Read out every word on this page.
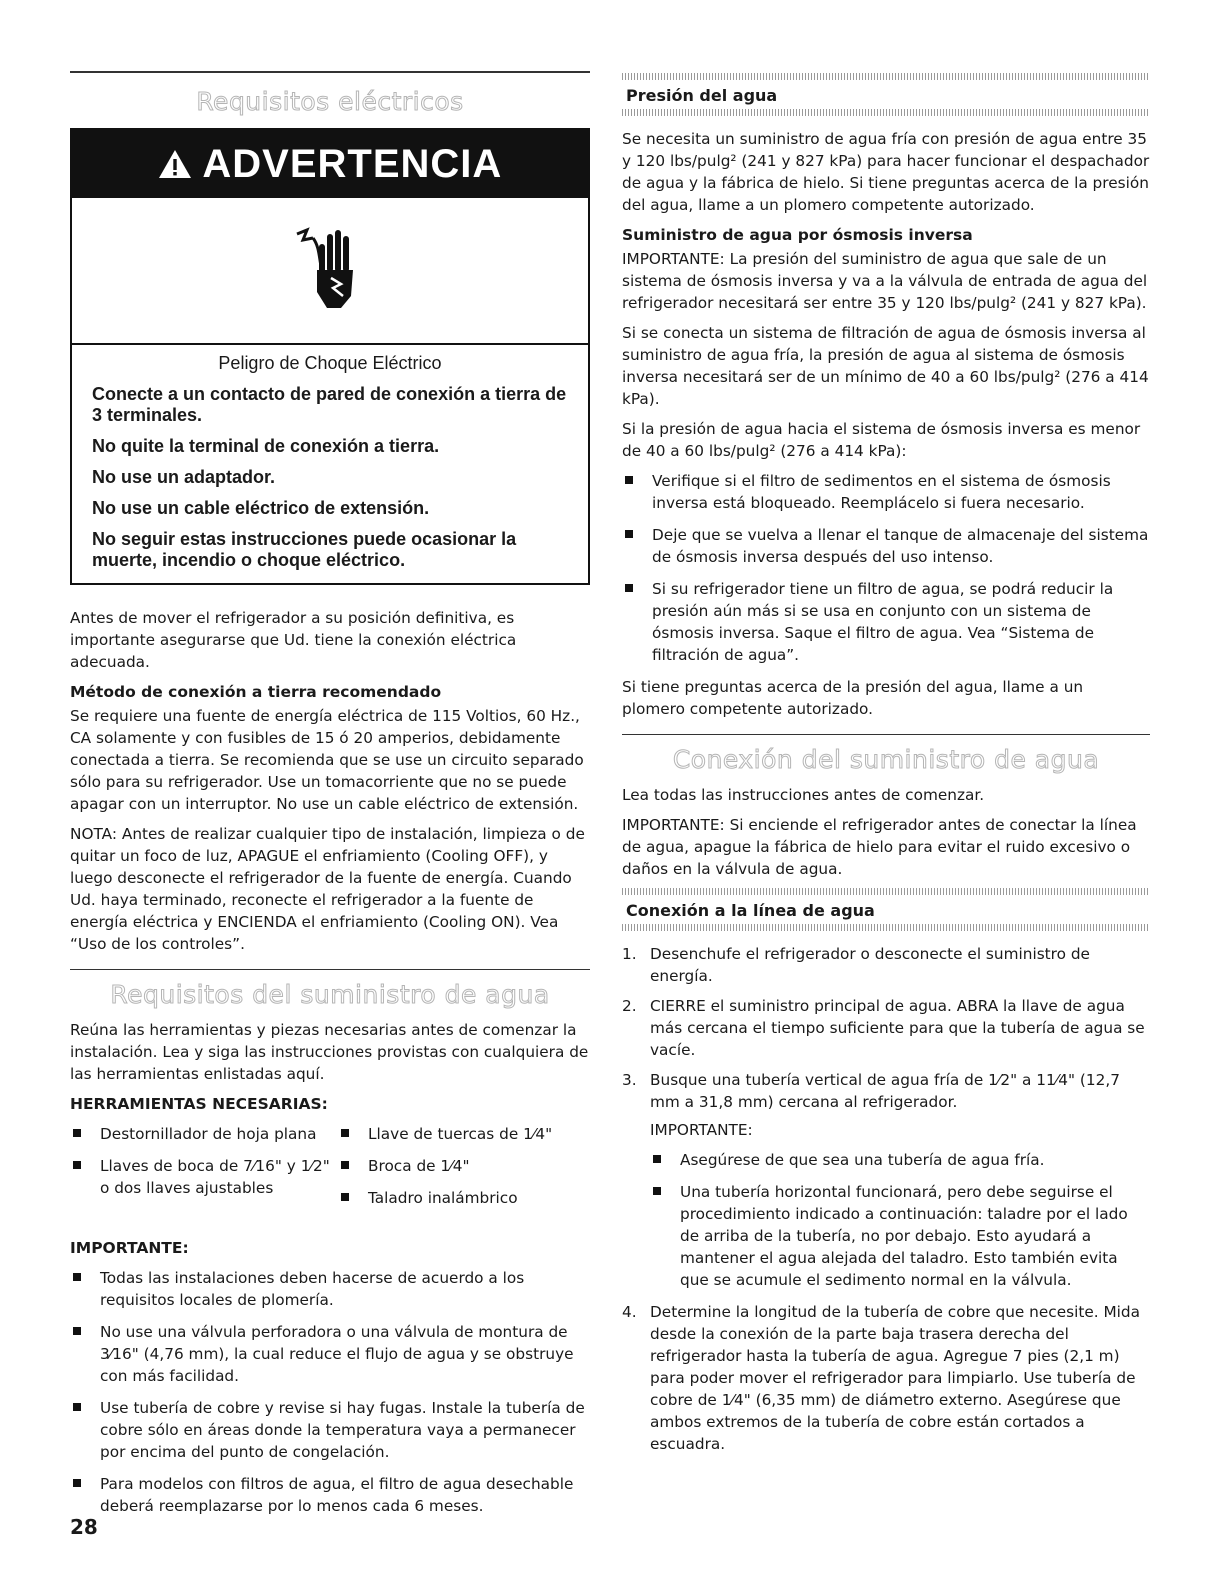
Requisitos eléctricos
ADVERTENCIA
Peligro de Choque Eléctrico
Conecte a un contacto de pared de conexión a tierra de 3 terminales.
No quite la terminal de conexión a tierra.
No use un adaptador.
No use un cable eléctrico de extensión.
No seguir estas instrucciones puede ocasionar la muerte, incendio o choque eléctrico.

Antes de mover el refrigerador a su posición definitiva, es importante asegurarse que Ud. tiene la conexión eléctrica adecuada.

Método de conexión a tierra recomendado

Se requiere una fuente de energía eléctrica de 115 Voltios, 60 Hz., CA solamente y con fusibles de 15 ó 20 amperios, debidamente conectada a tierra. Se recomienda que se use un circuito separado sólo para su refrigerador. Use un tomacorriente que no se puede apagar con un interruptor. No use un cable eléctrico de extensión.

NOTA: Antes de realizar cualquier tipo de instalación, limpieza o de quitar un foco de luz, APAGUE el enfriamiento (Cooling OFF), y luego desconecte el refrigerador de la fuente de energía. Cuando Ud. haya terminado, reconecte el refrigerador a la fuente de energía eléctrica y ENCIENDA el enfriamiento (Cooling ON). Vea “Uso de los controles”.

Requisitos del suministro de agua

Reúna las herramientas y piezas necesarias antes de comenzar la instalación. Lea y siga las instrucciones provistas con cualquiera de las herramientas enlistadas aquí.

HERRAMIENTAS NECESARIAS:
Destornillador de hoja plana
Llaves de boca de 7⁄16" y 1⁄2" o dos llaves ajustables
Llave de tuercas de 1⁄4"
Broca de 1⁄4"
Taladro inalámbrico
IMPORTANTE:
Todas las instalaciones deben hacerse de acuerdo a los requisitos locales de plomería.
No use una válvula perforadora o una válvula de montura de 3⁄16" (4,76 mm), la cual reduce el flujo de agua y se obstruye con más facilidad.
Use tubería de cobre y revise si hay fugas. Instale la tubería de cobre sólo en áreas donde la temperatura vaya a permanecer por encima del punto de congelación.
Para modelos con filtros de agua, el filtro de agua desechable deberá reemplazarse por lo menos cada 6 meses.
28
Presión del agua

Se necesita un suministro de agua fría con presión de agua entre 35 y 120 lbs/pulg² (241 y 827 kPa) para hacer funcionar el despachador de agua y la fábrica de hielo. Si tiene preguntas acerca de la presión del agua, llame a un plomero competente autorizado.

Suministro de agua por ósmosis inversa

IMPORTANTE: La presión del suministro de agua que sale de un sistema de ósmosis inversa y va a la válvula de entrada de agua del refrigerador necesitará ser entre 35 y 120 lbs/pulg² (241 y 827 kPa).

Si se conecta un sistema de filtración de agua de ósmosis inversa al suministro de agua fría, la presión de agua al sistema de ósmosis inversa necesitará ser de un mínimo de 40 a 60 lbs/pulg² (276 a 414 kPa).

Si la presión de agua hacia el sistema de ósmosis inversa es menor de 40 a 60 lbs/pulg² (276 a 414 kPa):

Verifique si el filtro de sedimentos en el sistema de ósmosis inversa está bloqueado. Reemplácelo si fuera necesario.
Deje que se vuelva a llenar el tanque de almacenaje del sistema de ósmosis inversa después del uso intenso.
Si su refrigerador tiene un filtro de agua, se podrá reducir la presión aún más si se usa en conjunto con un sistema de ósmosis inversa. Saque el filtro de agua. Vea “Sistema de filtración de agua”.

Si tiene preguntas acerca de la presión del agua, llame a un plomero competente autorizado.

Conexión del suministro de agua

Lea todas las instrucciones antes de comenzar.

IMPORTANTE: Si enciende el refrigerador antes de conectar la línea de agua, apague la fábrica de hielo para evitar el ruido excesivo o daños en la válvula de agua.

Conexión a la línea de agua
1. Desenchufe el refrigerador o desconecte el suministro de energía.
2. CIERRE el suministro principal de agua. ABRA la llave de agua más cercana el tiempo suficiente para que la tubería de agua se vacíe.
3. Busque una tubería vertical de agua fría de 1⁄2" a 11⁄4" (12,7 mm a 31,8 mm) cercana al refrigerador.
IMPORTANTE:
Asegúrese de que sea una tubería de agua fría.
Una tubería horizontal funcionará, pero debe seguirse el procedimiento indicado a continuación: taladre por el lado de arriba de la tubería, no por debajo. Esto ayudará a mantener el agua alejada del taladro. Esto también evita que se acumule el sedimento normal en la válvula.
4. Determine la longitud de la tubería de cobre que necesite. Mida desde la conexión de la parte baja trasera derecha del refrigerador hasta la tubería de agua. Agregue 7 pies (2,1 m) para poder mover el refrigerador para limpiarlo. Use tubería de cobre de 1⁄4" (6,35 mm) de diámetro externo. Asegúrese que ambos extremos de la tubería de cobre están cortados a escuadra.
